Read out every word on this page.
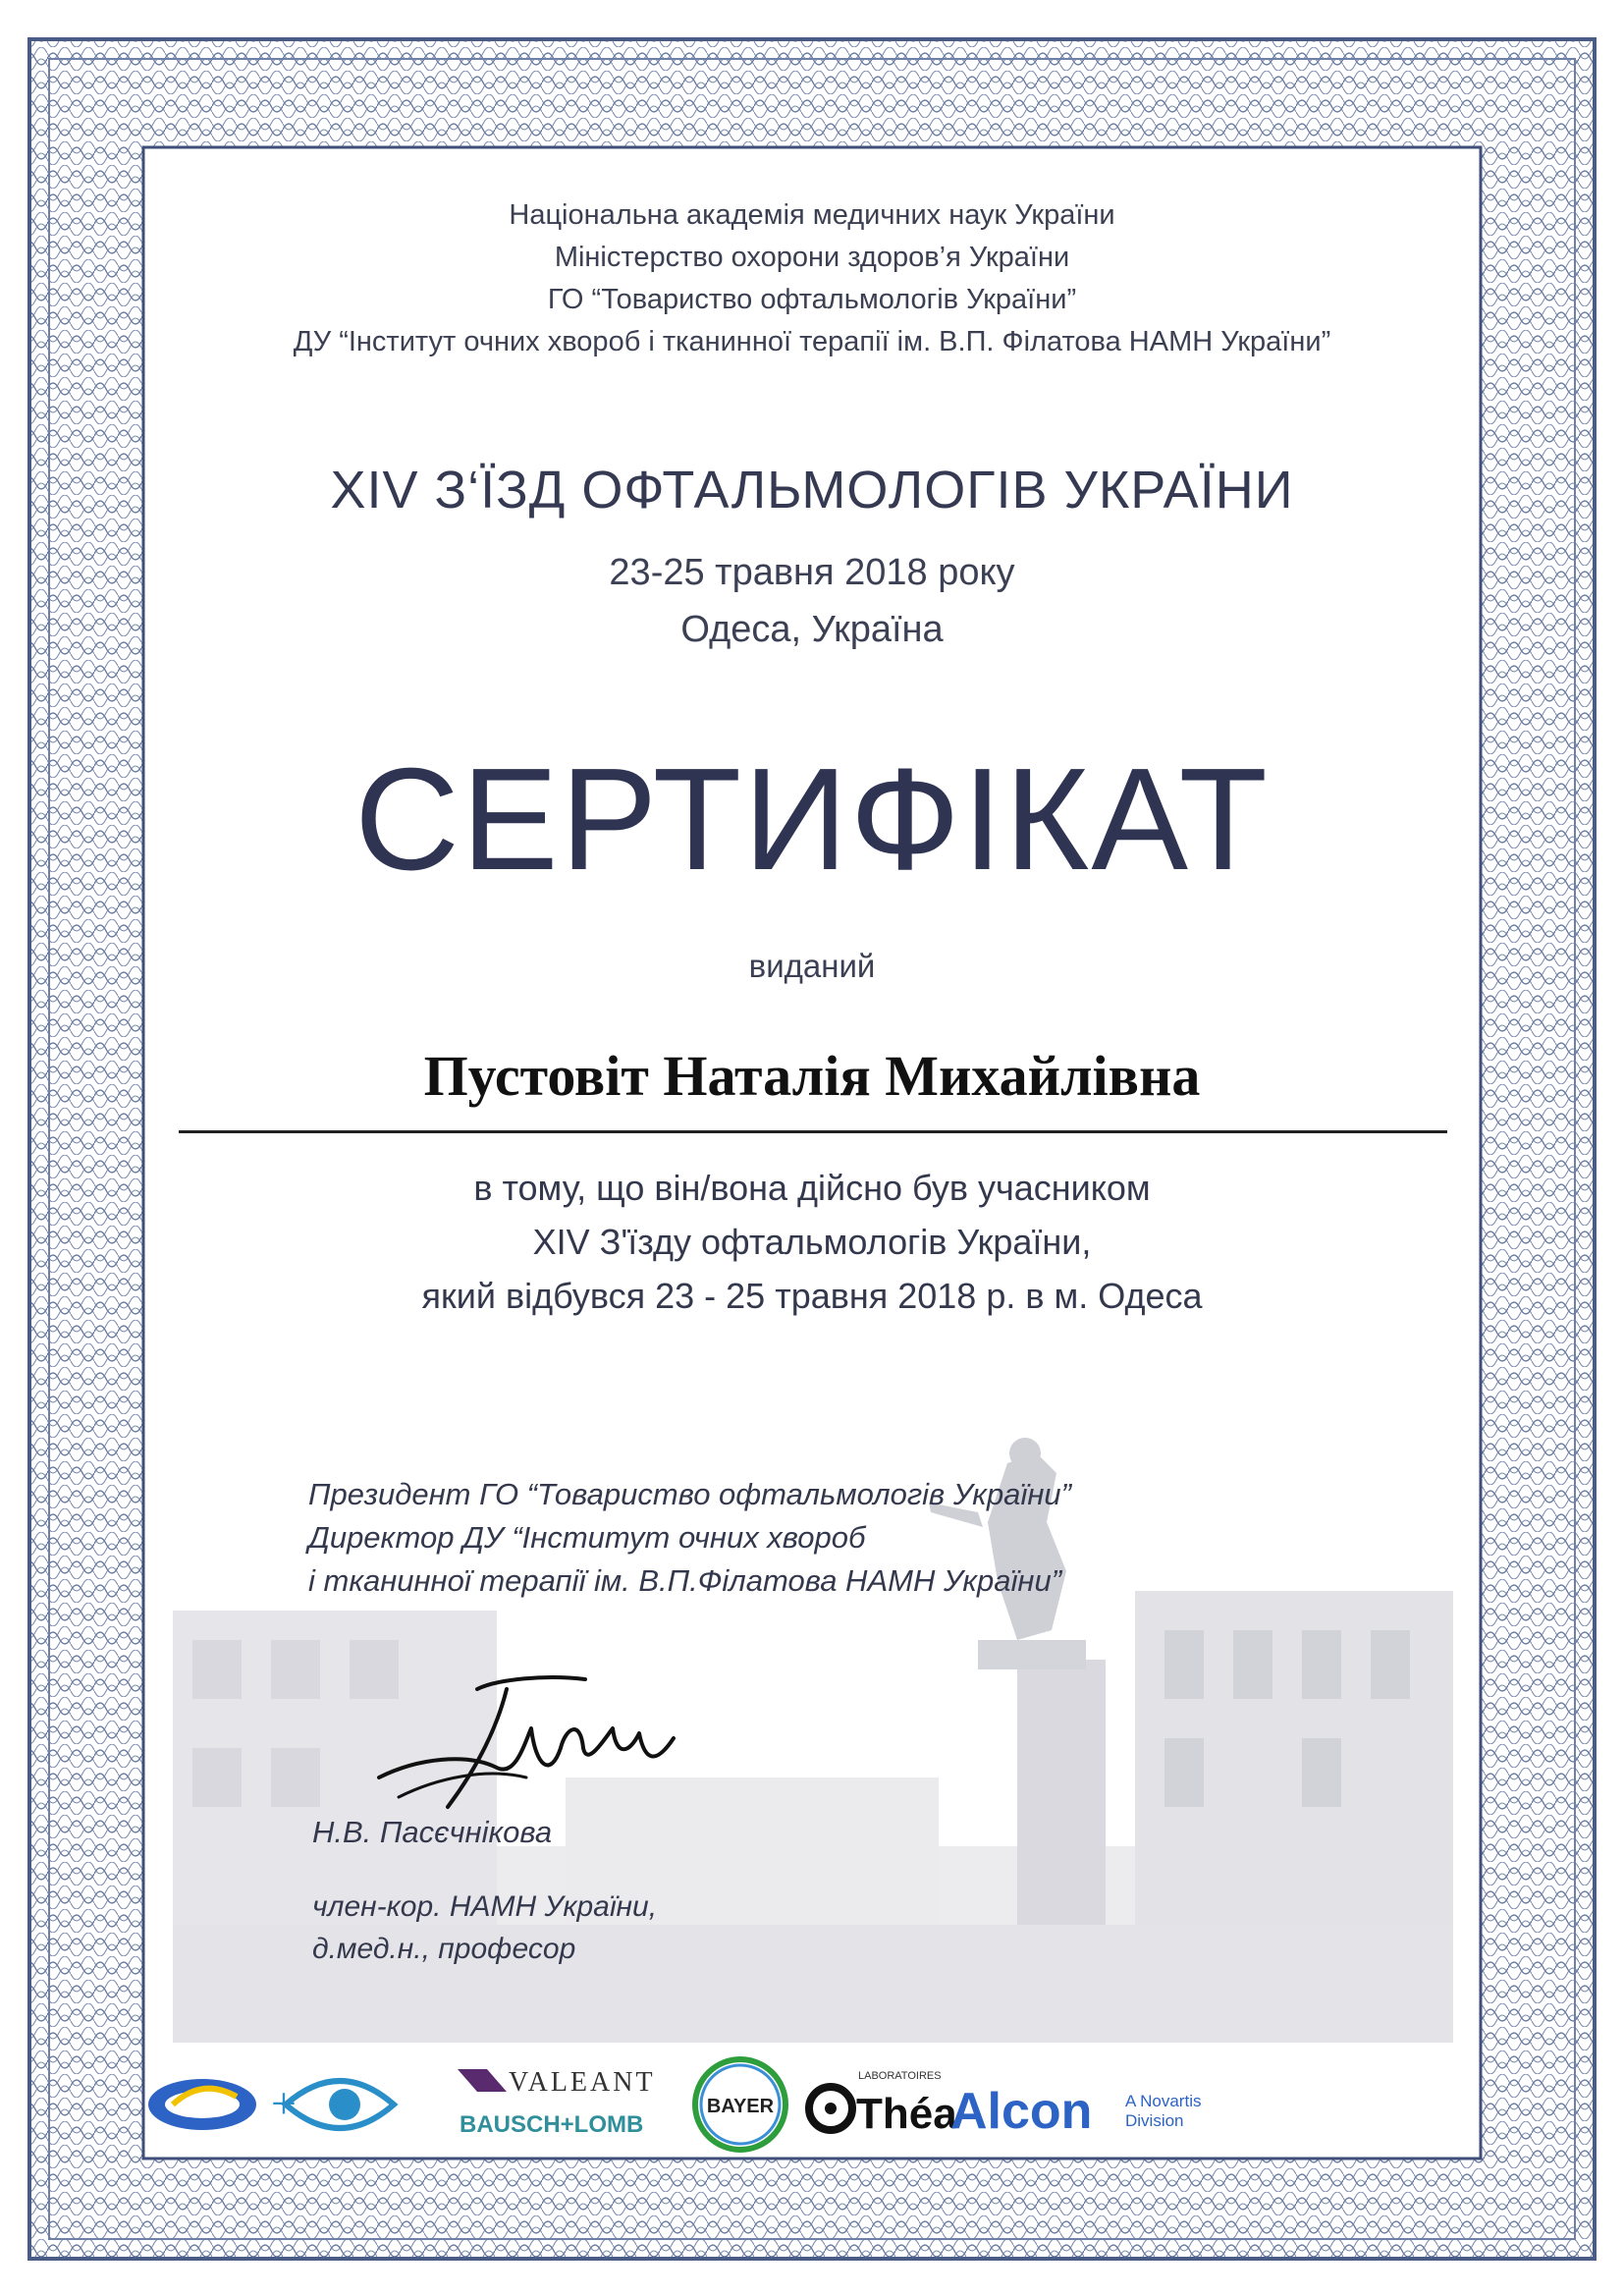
Національна академія медичних наук України
Міністерство охорони здоров’я України
ГО “Товариство офтальмологів України”
ДУ “Інститут очних хвороб і тканинної терапії ім. В.П. Філатова НАМН України”
XIV З‘ЇЗД ОФТАЛЬМОЛОГІВ УКРАЇНИ
23-25 травня 2018 року
Одеса, Україна
СЕРТИФІКАТ
виданий
Пустовіт Наталія Михайлівна
в тому, що він/вона дійсно був учасником
XIV З'їзду офтальмологів України,
який відбувся 23 - 25 травня 2018 р. в м. Одеса
Президент ГО “Товариство офтальмологів України”
Директор ДУ “Інститут очних хвороб
і тканинної терапії ім. В.П.Філатова НАМН України”
Н.В. Пасєчнікова
член-кор. НАМН України,
д.мед.н., професор
+	VALEANT
BAUSCH+LOMB
BAYER
LABORATOIRES
Théa
Alcon A Novartis
Division
